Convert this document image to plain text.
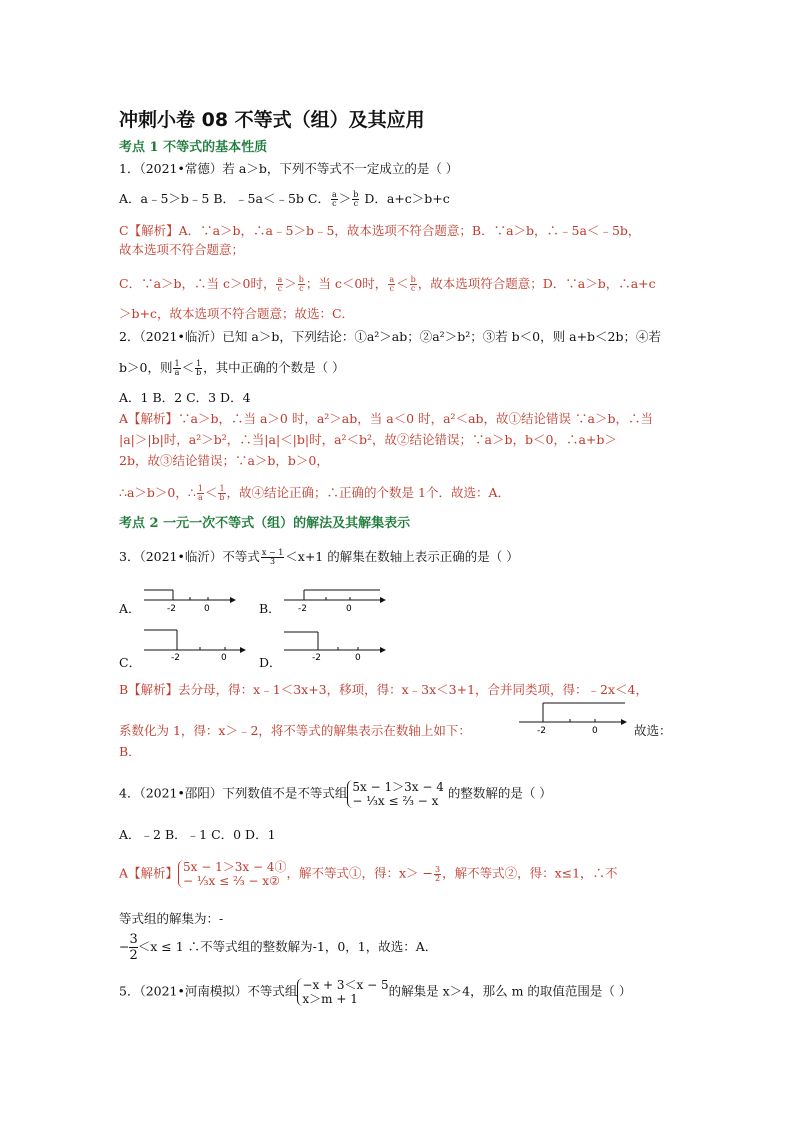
冲刺小卷 08 不等式（组）及其应用
考点 1 不等式的基本性质
1．（2021•常德）若 a＞b，下列不等式不一定成立的是（ ）
A．a﹣5＞b﹣5 B．﹣5a＜﹣5b C． $\frac{a}{c} > \frac{b}{c}$ D．a+c＞b+c
C【解析】A．∵a＞b，∴a﹣5＞b﹣5，故本选项不符合题意；B．∵a＞b，∴﹣5a＜﹣5b，
故本选项不符合题意；
C．∵a＞b，∴当 c＞0时， $\frac{a}{c} > \frac{b}{c}$ ；当 c＜0时， $\frac{a}{c} < \frac{b}{c}$ ，故本选项符合题意；D．∵a＞b，∴a+c
＞b+c，故本选项不符合题意；故选：C．
2．（2021•临沂）已知 a＞b，下列结论：①a²＞ab；②a²＞b²；③若 b＜0，则 a+b＜2b；④若
b＞0，则 $\frac{1}{a} < \frac{1}{b}$ ，其中正确的个数是（ ）
A．1 B．2 C．3 D．4
A【解析】∵a＞b，∴当 a＞0 时，a²＞ab，当 a＜0 时，a²＜ab，故①结论错误 ∵a＞b，∴当
|a|＞|b|时，a²＞b²，∴当|a|＜|b|时，a²＜b²，故②结论错误；∵a＞b，b＜0，∴a+b＞
2b，故③结论错误；∵a＞b，b＞0，
∴a＞b＞0，∴ $\frac{1}{a} < \frac{1}{b}$ ，故④结论正确；∴正确的个数是 1个．故选：A．
考点 2 一元一次不等式（组）的解法及其解集表示
3．（2021•临沂）不等式 $\frac{x - 1}{3} <x+1$ 的解集在数轴上表示正确的是（ ）
A．	-2	0	B． -2	0
C．	-2	0	D．	-2	0
B【解析】去分母，得：x﹣1＜3x+3，移项，得：x﹣3x＜3+1，合并同类项，得：﹣2x＜4，
系数化为 1，得：x＞﹣2，将不等式的解集表示在数轴上如下：	-2	0	故选：
B．
4．（2021•邵阳）下列数值不是不等式组 5x − 1＞3x − 4
− ⅓x ≤ ⅔ − x
的整数解的是（ ）
A．﹣2 B．﹣1 C．0 D．1
A【解析】 5x − 1＞3x − 4①
− ⅓x ≤ ⅔ − x②
，解不等式①，得：$x> - \frac{3}{2}$ ，解不等式②，得：x≤1，∴不
等式组的解集为：-
− $\frac{3}{2} <x \le 1$ ∴不等式组的整数解为-1，0，1，故选：A．
5．（2021•河南模拟）不等式组 −x + 3＜x − 5
x＞m + 1
的解集是 x＞4，那么 m 的取值范围是（ ）
